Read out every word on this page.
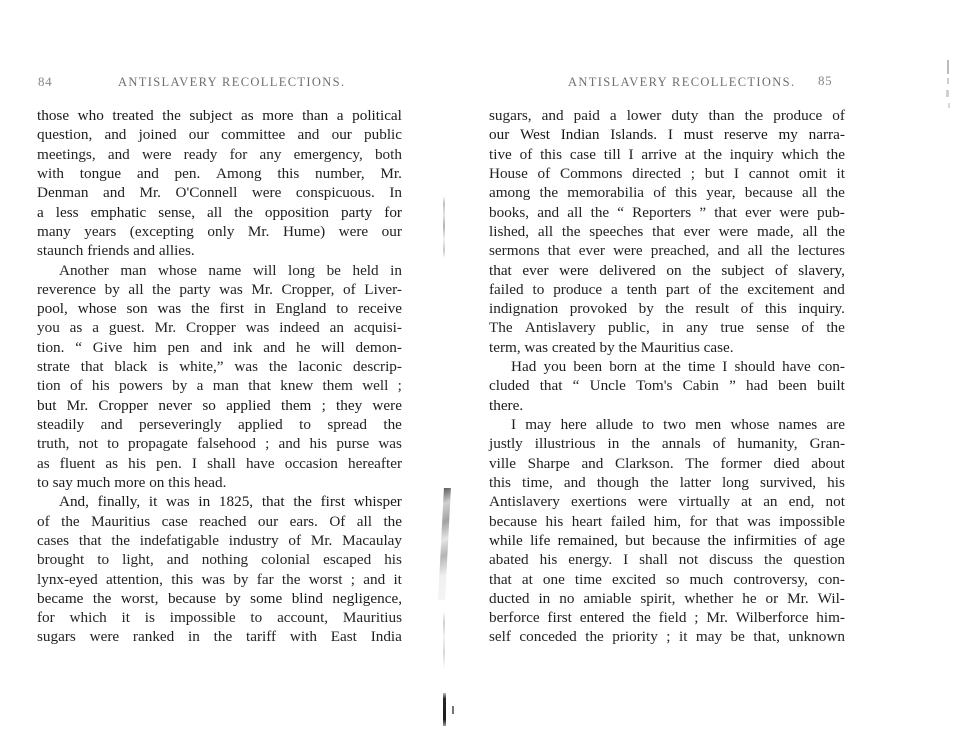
84	ANTISLAVERY RECOLLECTIONS.	ANTISLAVERY RECOLLECTIONS. 85
those who treated the subject as more than a political
question, and joined our committee and our public
meetings, and were ready for any emergency, both
with tongue and pen. Among this number, Mr.
Denman and Mr. O'Connell were conspicuous. In
a less emphatic sense, all the opposition party for
many years (excepting only Mr. Hume) were our
staunch friends and allies.
Another man whose name will long be held in
reverence by all the party was Mr. Cropper, of Liver-
pool, whose son was the first in England to receive
you as a guest. Mr. Cropper was indeed an acquisi-
tion. “ Give him pen and ink and he will demon-
strate that black is white,” was the laconic descrip-
tion of his powers by a man that knew them well ;
but Mr. Cropper never so applied them ; they were
steadily and perseveringly applied to spread the
truth, not to propagate falsehood ; and his purse was
as fluent as his pen. I shall have occasion hereafter
to say much more on this head.
And, finally, it was in 1825, that the first whisper
of the Mauritius case reached our ears. Of all the
cases that the indefatigable industry of Mr. Macaulay
brought to light, and nothing colonial escaped his
lynx-eyed attention, this was by far the worst ; and it
became the worst, because by some blind negligence,
for which it is impossible to account, Mauritius
sugars were ranked in the tariff with East India
sugars, and paid a lower duty than the produce of
our West Indian Islands. I must reserve my narra-
tive of this case till I arrive at the inquiry which the
House of Commons directed ; but I cannot omit it
among the memorabilia of this year, because all the
books, and all the “ Reporters ” that ever were pub-
lished, all the speeches that ever were made, all the
sermons that ever were preached, and all the lectures
that ever were delivered on the subject of slavery,
failed to produce a tenth part of the excitement and
indignation provoked by the result of this inquiry.
The Antislavery public, in any true sense of the
term, was created by the Mauritius case.
Had you been born at the time I should have con-
cluded that “ Uncle Tom's Cabin ” had been built
there.
I may here allude to two men whose names are
justly illustrious in the annals of humanity, Gran-
ville Sharpe and Clarkson. The former died about
this time, and though the latter long survived, his
Antislavery exertions were virtually at an end, not
because his heart failed him, for that was impossible
while life remained, but because the infirmities of age
abated his energy. I shall not discuss the question
that at one time excited so much controversy, con-
ducted in no amiable spirit, whether he or Mr. Wil-
berforce first entered the field ; Mr. Wilberforce him-
self conceded the priority ; it may be that, unknown
